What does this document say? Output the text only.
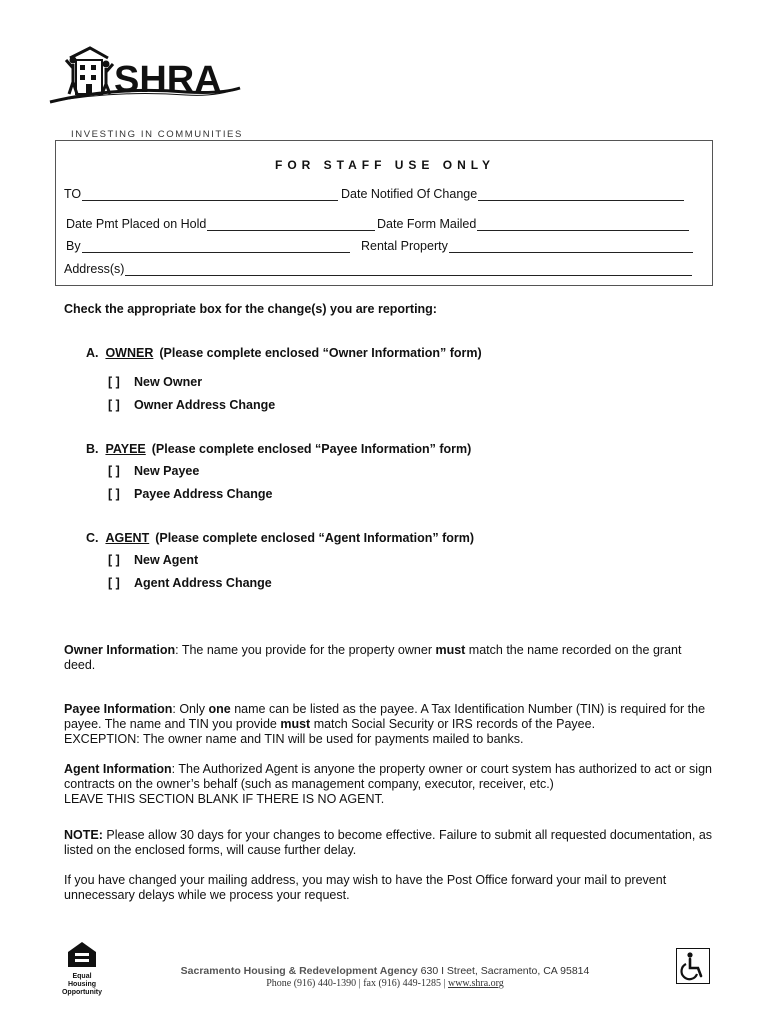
SHRA
INVESTING IN COMMUNITIES
FOR STAFF USE ONLY
TO	Date Notified Of Change
Date Pmt Placed on Hold	Date Form Mailed
By	Rental Property
Address(s)
Check the appropriate box for the change(s) you are reporting:
A. OWNER (Please complete enclosed “Owner Information” form)
[ ] New Owner
[ ] Owner Address Change
B. PAYEE (Please complete enclosed “Payee Information” form)
[ ] New Payee
[ ] Payee Address Change
C. AGENT (Please complete enclosed “Agent Information” form)
[ ] New Agent
[ ] Agent Address Change
Owner Information: The name you provide for the property owner must match the name recorded on the grant deed.
Payee Information: Only one name can be listed as the payee. A Tax Identification Number (TIN) is required for the payee. The name and TIN you provide must match Social Security or IRS records of the Payee.
EXCEPTION: The owner name and TIN will be used for payments mailed to banks.
Agent Information: The Authorized Agent is anyone the property owner or court system has authorized to act or sign contracts on the owner’s behalf (such as management company, executor, receiver, etc.)
LEAVE THIS SECTION BLANK IF THERE IS NO AGENT.
NOTE: Please allow 30 days for your changes to become effective. Failure to submit all requested documentation, as listed on the enclosed forms, will cause further delay.
If you have changed your mailing address, you may wish to have the Post Office forward your mail to prevent unnecessary delays while we process your request.
Equal Housing
Opportunity
Sacramento Housing & Redevelopment Agency 630 I Street, Sacramento, CA 95814
Phone (916) 440-1390 | fax (916) 449-1285 | www.shra.org
